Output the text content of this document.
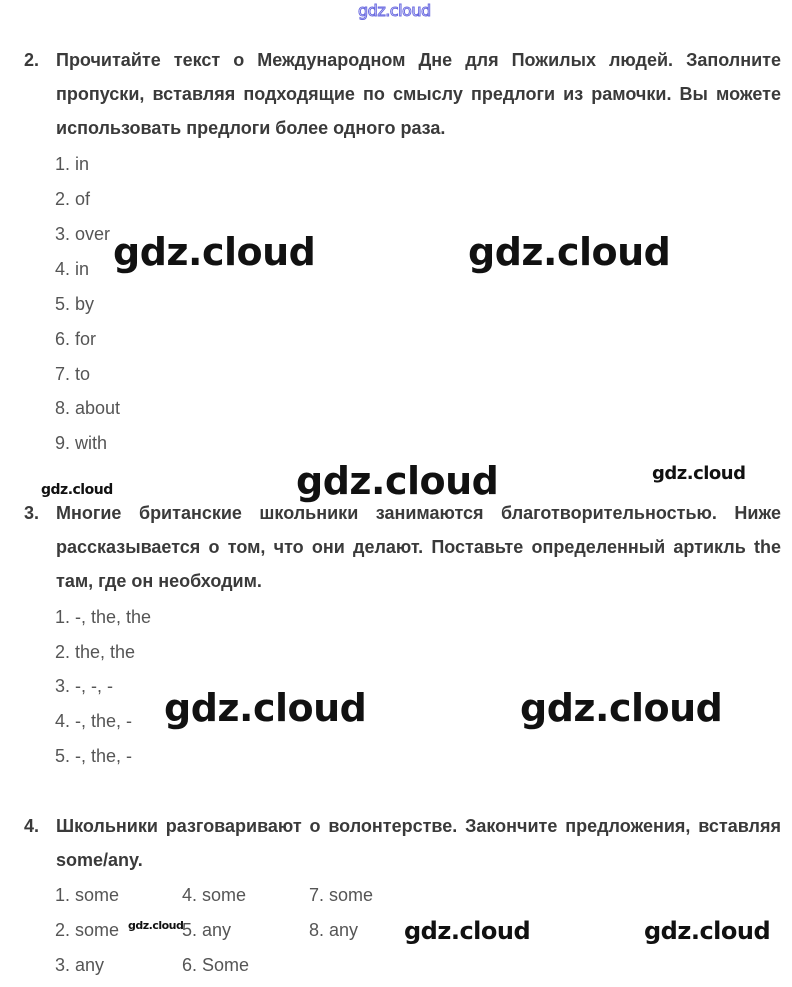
gdz.cloud
2. Прочитайте текст о Международном Дне для Пожилых людей. Заполните пропуски, вставляя подходящие по смыслу предлоги из рамочки. Вы можете использовать предлоги более одного раза.
1. in
2. of
3. over
4. in
5. by
6. for
7. to
8. about
9. with
gdz.cloud	gdz.cloud
gdz.cloud	gdz.cloud
gdz.cloud
3. Многие британские школьники занимаются благотворительностью. Ниже рассказывается о том, что они делают. Поставьте определенный артикль the там, где он необходим.
1. -, the, the
2. the, the
3. -, -, -
4. -, the, -
5. -, the, -
gdz.cloud	gdz.cloud
4. Школьники разговаривают о волонтерстве. Закончите предложения, вставляя some/any.
1. some
2. some
3. any
4. some
5. any
6. Some
7. some
8. any
gdz.cloud	gdz.cloud	gdz.cloud
